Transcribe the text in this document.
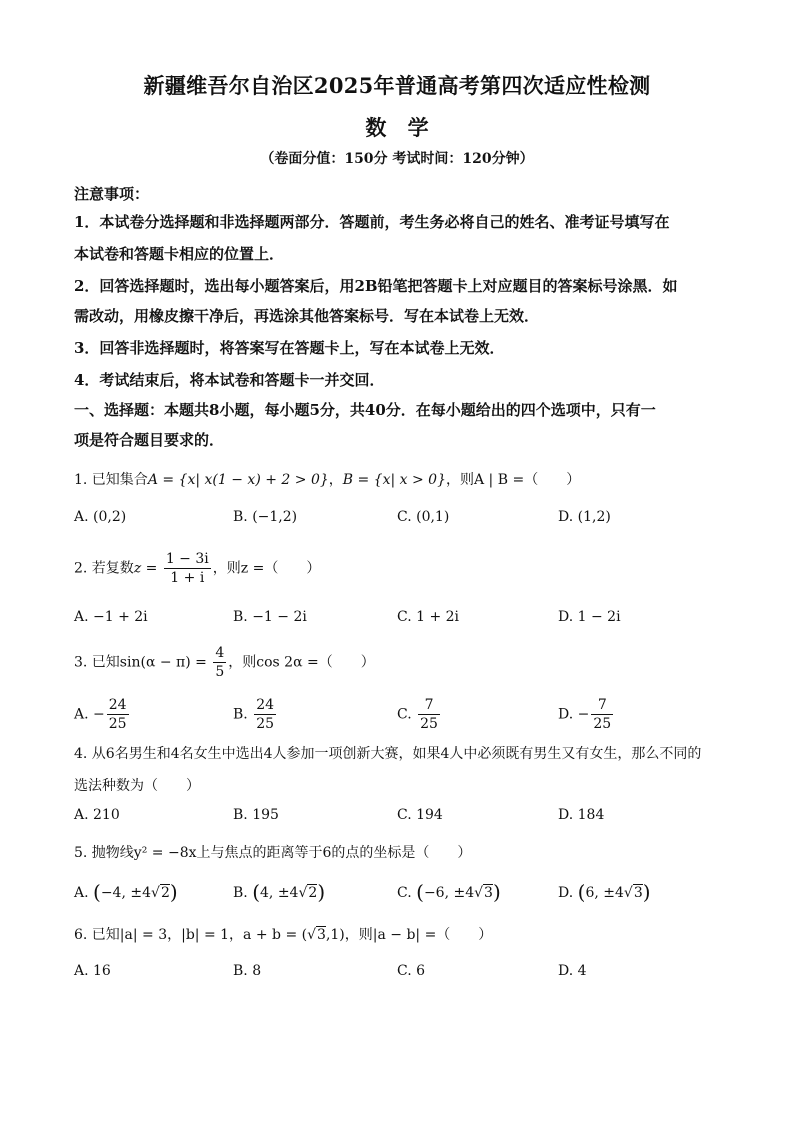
新疆维吾尔自治区2025年普通高考第四次适应性检测
数 学
（卷面分值：150分 考试时间：120分钟）
注意事项：
1．本试卷分选择题和非选择题两部分．答题前，考生务必将自己的姓名、准考证号填写在
本试卷和答题卡相应的位置上．
2．回答选择题时，选出每小题答案后，用2B铅笔把答题卡上对应题目的答案标号涂黑．如
需改动，用橡皮擦干净后，再选涂其他答案标号．写在本试卷上无效．
3．回答非选择题时，将答案写在答题卡上，写在本试卷上无效．
4．考试结束后，将本试卷和答题卡一并交回．
一、选择题：本题共8小题，每小题5分，共40分．在每小题给出的四个选项中，只有一
项是符合题目要求的．
1. 已知集合A = {x| x(1 − x) + 2 > 0}，B = {x| x > 0}，则A | B =（　　）
A. (0,2)	B. (−1,2)	C. (0,1)	D. (1,2)
2. 若复数$z = \frac{1 - 3i}{1 + i}$ ，则z =（　　）
A. −1 + 2i	B. −1 − 2i	C. 1 + 2i	D. 1 − 2i
3. 已知$\sin(\alpha - \pi) = \frac{4}{5}$ ，则cos 2α =（　　）
A. − $\frac{24}{25}$	B. $\frac{24}{25}$	C. $\frac{7}{25}$	D. − $\frac{7}{25}$
4. 从6名男生和4名女生中选出4人参加一项创新大赛，如果4人中必须既有男生又有女生，那么不同的
选法种数为（　　）
A. 210	B. 195	C. 194	D. 184
5. 抛物线y² = −8x上与焦点的距离等于6的点的坐标是（　　）
A. (−4, ±4√2)	B. (4, ±4√2)	C. (−6, ±4√3)	D. (6, ±4√3)
6. 已知|a| = 3，|b| = 1，a + b = (√3,1)，则|a − b| =（　　）
A. 16	B. 8	C. 6	D. 4
